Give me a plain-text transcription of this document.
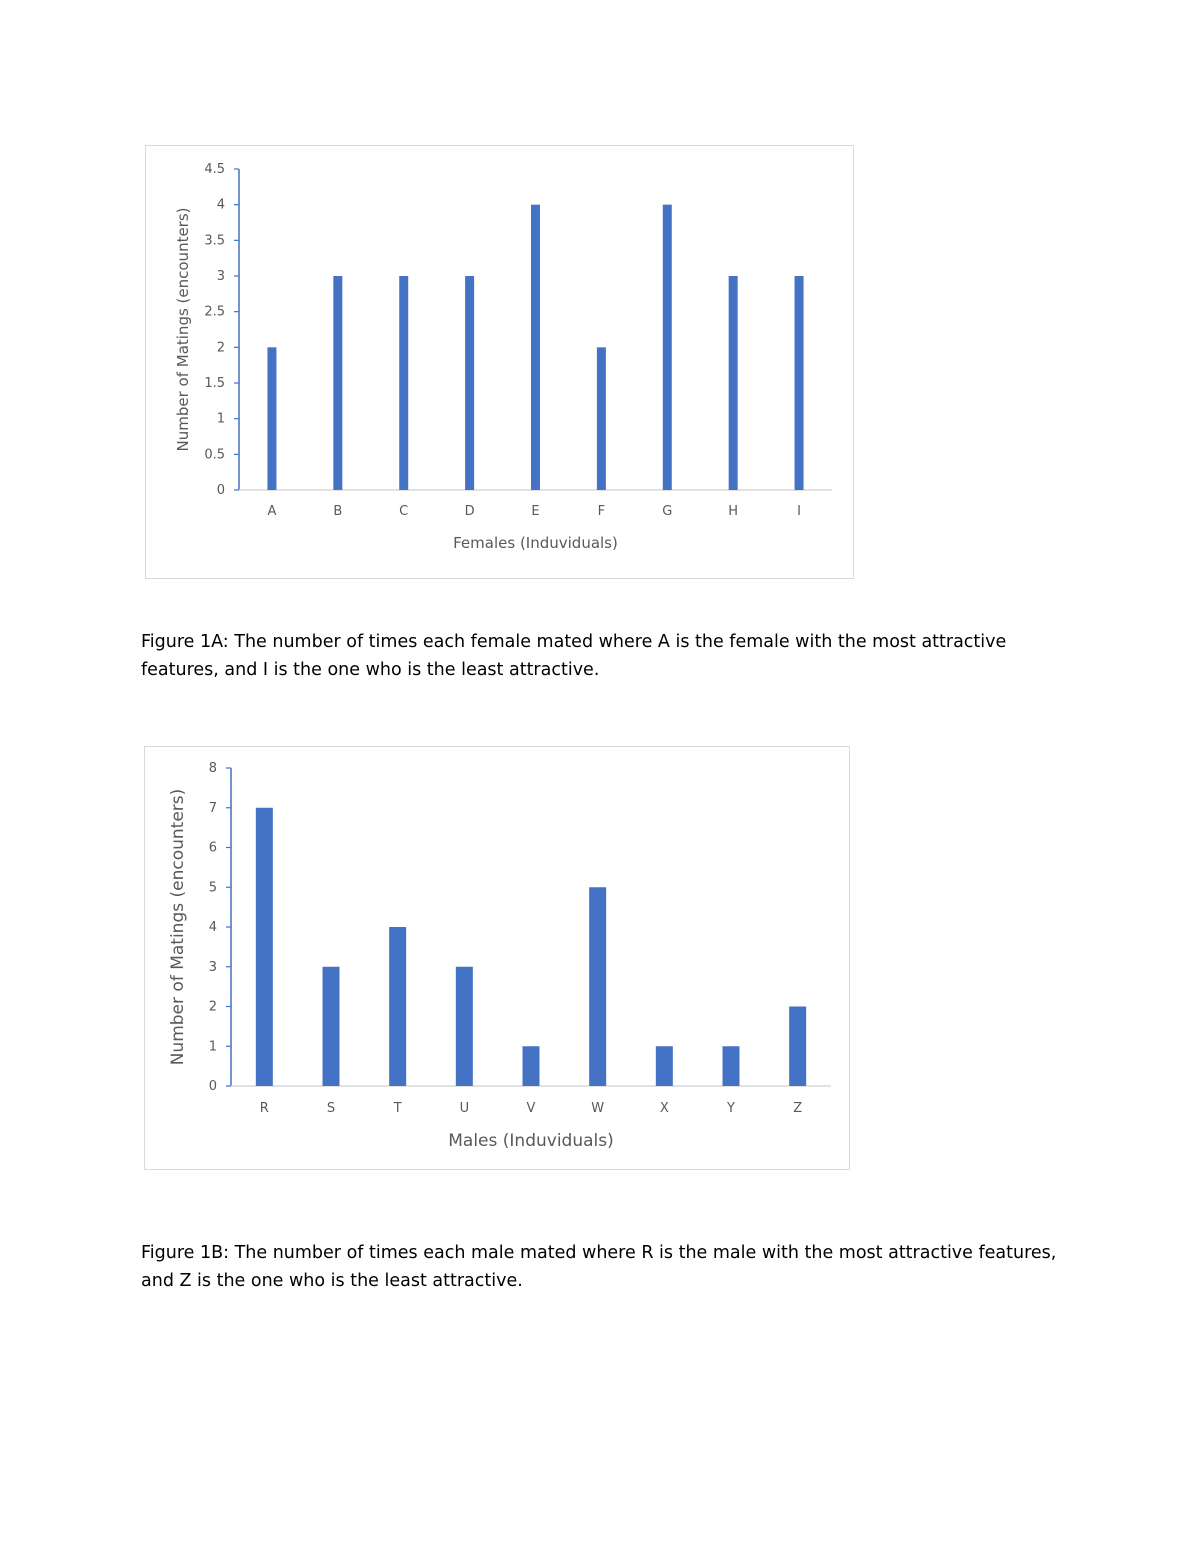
0
0.5
1
1.5
2
2.5
3
3.5
4
4.5
A	B	C	D	E	F	G	H	I
Females (Induviduals)
Number of Matings (encounters)

Figure 1A: The number of times each female mated where A is the female with the most attractive features, and I is the one who is the least attractive.

0
1
2
3
4
5
6
7
8
R	S	T	U	V	W	X	Y	Z
Males (Induviduals)
Number of Matings (encounters)

Figure 1B: The number of times each male mated where R is the male with the most attractive features, and Z is the one who is the least attractive.
